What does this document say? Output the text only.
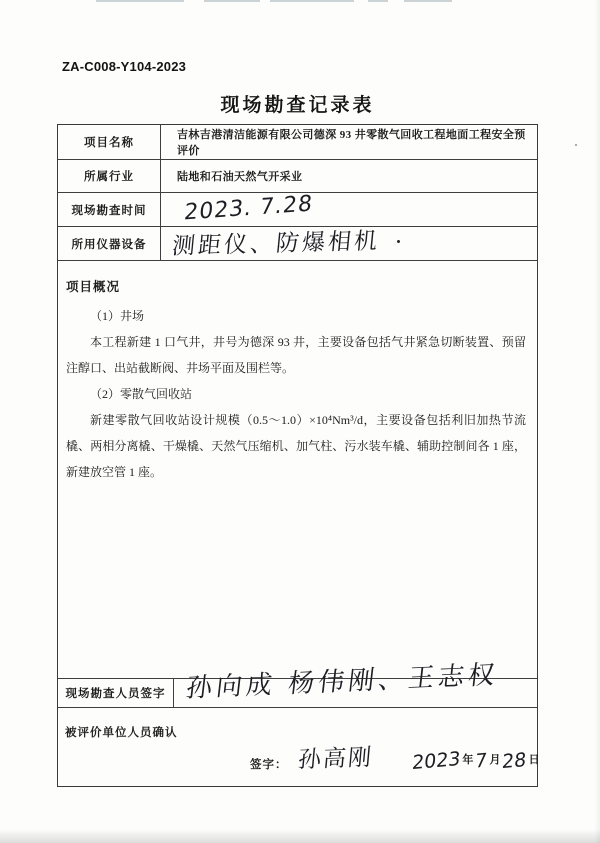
ZA-C008-Y104-2023
现场勘查记录表
项目名称
吉林吉港清洁能源有限公司德深 93 井零散气回收工程地面工程安全预评价
所属行业	陆地和石油天然气开采业
现场勘查时间
所用仪器设备
项目概况

（1）井场

本工程新建 1 口气井，井号为德深 93 井，主要设备包括气井紧急切断装置、预留注醇口、出站截断阀、井场平面及围栏等。

（2）零散气回收站

新建零散气回收站设计规模（0.5～1.0）×10⁴Nm³/d，主要设备包括利旧加热节流橇、两相分离橇、干燥橇、天然气压缩机、加气柱、污水装车橇、辅助控制间各 1 座，新建放空管 1 座。

现场勘查人员签字
被评价单位人员确认
签字：
2023. 7.28
测距仪、防爆相机
孙向成 杨伟刚、王志权
孙高刚 2023 年 7 月 28 日
